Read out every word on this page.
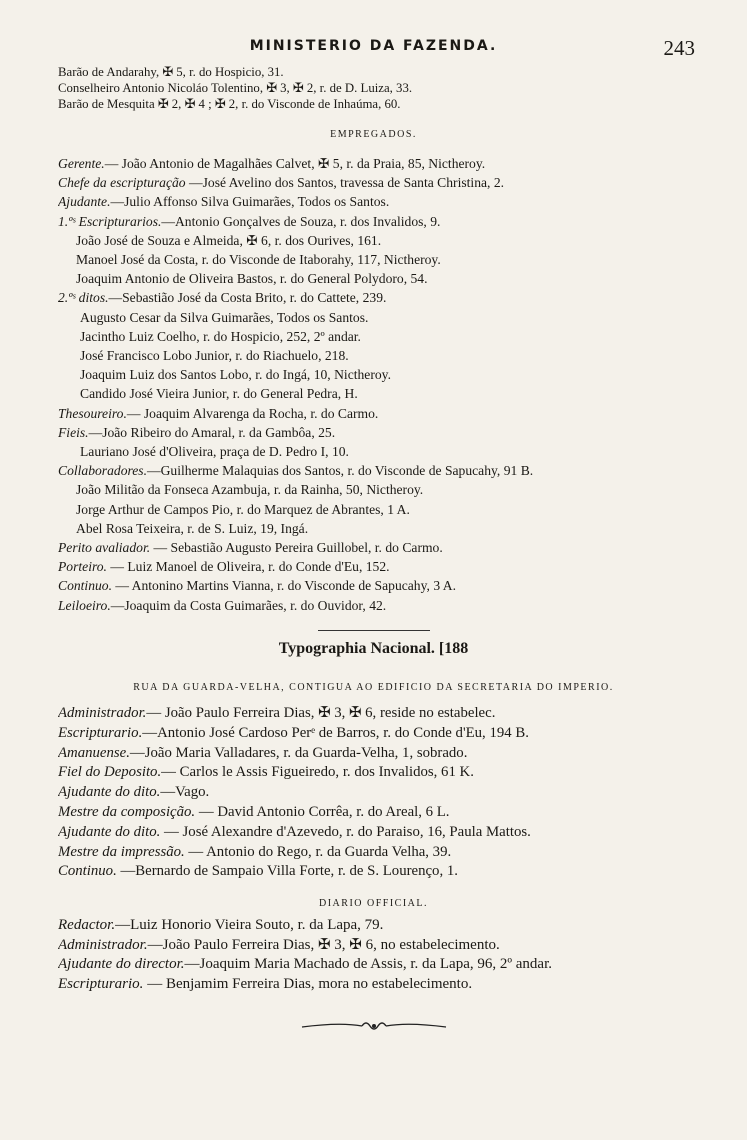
MINISTERIO DA FAZENDA.	243
Barão de Andarahy, ✠ 5, r. do Hospicio, 31.
Conselheiro Antonio Nicoláo Tolentino, ✠ 3, ✠ 2, r. de D. Luiza, 33.
Barão de Mesquita ✠ 2, ✠ 4 ; ✠ 2, r. do Visconde de Inhaúma, 60.
EMPREGADOS.
Gerente.— João Antonio de Magalhães Calvet, ✠ 5, r. da Praia, 85, Nictheroy.
Chefe da escripturação —José Avelino dos Santos, travessa de Santa Christina, 2.
Ajudante.—Julio Affonso Silva Guimarães, Todos os Santos.
1.ºˢ Escripturarios.—Antonio Gonçalves de Souza, r. dos Invalidos, 9.
João José de Souza e Almeida, ✠ 6, r. dos Ourives, 161.
Manoel José da Costa, r. do Visconde de Itaborahy, 117, Nictheroy.
Joaquim Antonio de Oliveira Bastos, r. do General Polydoro, 54.
2.ºˢ ditos.—Sebastião José da Costa Brito, r. do Cattete, 239.
Augusto Cesar da Silva Guimarães, Todos os Santos.
Jacintho Luiz Coelho, r. do Hospicio, 252, 2º andar.
José Francisco Lobo Junior, r. do Riachuelo, 218.
Joaquim Luiz dos Santos Lobo, r. do Ingá, 10, Nictheroy.
Candido José Vieira Junior, r. do General Pedra, H.
Thesoureiro.— Joaquim Alvarenga da Rocha, r. do Carmo.
Fieis.—João Ribeiro do Amaral, r. da Gambôa, 25.
Lauriano José d'Oliveira, praça de D. Pedro I, 10.
Collaboradores.—Guilherme Malaquias dos Santos, r. do Visconde de Sapucahy, 91 B.
João Militão da Fonseca Azambuja, r. da Rainha, 50, Nictheroy.
Jorge Arthur de Campos Pio, r. do Marquez de Abrantes, 1 A.
Abel Rosa Teixeira, r. de S. Luiz, 19, Ingá.
Perito avaliador. — Sebastião Augusto Pereira Guillobel, r. do Carmo.
Porteiro. — Luiz Manoel de Oliveira, r. do Conde d'Eu, 152.
Continuo. — Antonino Martins Vianna, r. do Visconde de Sapucahy, 3 A.
Leiloeiro.—Joaquim da Costa Guimarães, r. do Ouvidor, 42.
Typographia Nacional. [188
RUA DA GUARDA-VELHA, CONTIGUA AO EDIFICIO DA SECRETARIA DO IMPERIO.
Administrador.— João Paulo Ferreira Dias, ✠ 3, ✠ 6, reside no estabelec.
Escripturario.—Antonio José Cardoso Perᵉ de Barros, r. do Conde d'Eu, 194 B.
Amanuense.—João Maria Valladares, r. da Guarda-Velha, 1, sobrado.
Fiel do Deposito.— Carlos le Assis Figueiredo, r. dos Invalidos, 61 K.
Ajudante do dito.—Vago.
Mestre da composição. — David Antonio Corrêa, r. do Areal, 6 L.
Ajudante do dito. — José Alexandre d'Azevedo, r. do Paraiso, 16, Paula Mattos.
Mestre da impressão. — Antonio do Rego, r. da Guarda Velha, 39.
Continuo. —Bernardo de Sampaio Villa Forte, r. de S. Lourenço, 1.
DIARIO OFFICIAL.
Redactor.—Luiz Honorio Vieira Souto, r. da Lapa, 79.
Administrador.—João Paulo Ferreira Dias, ✠ 3, ✠ 6, no estabelecimento.
Ajudante do director.—Joaquim Maria Machado de Assis, r. da Lapa, 96, 2º andar.
Escripturario. — Benjamim Ferreira Dias, mora no estabelecimento.
